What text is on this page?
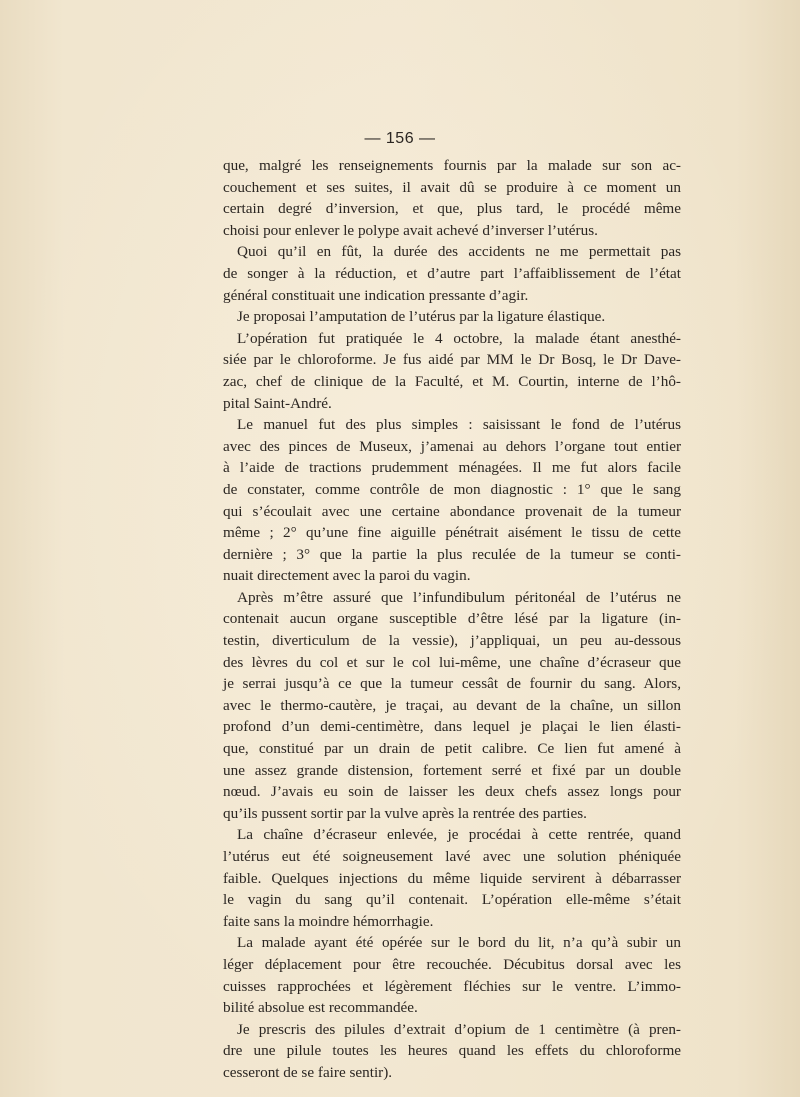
— 156 —
que, malgré les renseignements fournis par la malade sur son ac-
couchement et ses suites, il avait dû se produire à ce moment un
certain degré d’inversion, et que, plus tard, le procédé même
choisi pour enlever le polype avait achevé d’inverser l’utérus.
Quoi qu’il en fût, la durée des accidents ne me permettait pas
de songer à la réduction, et d’autre part l’affaiblissement de l’état
général constituait une indication pressante d’agir.
Je proposai l’amputation de l’utérus par la ligature élastique.
L’opération fut pratiquée le 4 octobre, la malade étant anesthé-
siée par le chloroforme. Je fus aidé par MM le Dr Bosq, le Dr Dave-
zac, chef de clinique de la Faculté, et M. Courtin, interne de l’hô-
pital Saint-André.
Le manuel fut des plus simples : saisissant le fond de l’utérus
avec des pinces de Museux, j’amenai au dehors l’organe tout entier
à l’aide de tractions prudemment ménagées. Il me fut alors facile
de constater, comme contrôle de mon diagnostic : 1° que le sang
qui s’écoulait avec une certaine abondance provenait de la tumeur
même ; 2° qu’une fine aiguille pénétrait aisément le tissu de cette
dernière ; 3° que la partie la plus reculée de la tumeur se conti-
nuait directement avec la paroi du vagin.
Après m’être assuré que l’infundibulum péritonéal de l’utérus ne
contenait aucun organe susceptible d’être lésé par la ligature (in-
testin, diverticulum de la vessie), j’appliquai, un peu au-dessous
des lèvres du col et sur le col lui-même, une chaîne d’écraseur que
je serrai jusqu’à ce que la tumeur cessât de fournir du sang. Alors,
avec le thermo-cautère, je traçai, au devant de la chaîne, un sillon
profond d’un demi-centimètre, dans lequel je plaçai le lien élasti-
que, constitué par un drain de petit calibre. Ce lien fut amené à
une assez grande distension, fortement serré et fixé par un double
nœud. J’avais eu soin de laisser les deux chefs assez longs pour
qu’ils pussent sortir par la vulve après la rentrée des parties.
La chaîne d’écraseur enlevée, je procédai à cette rentrée, quand
l’utérus eut été soigneusement lavé avec une solution phéniquée
faible. Quelques injections du même liquide servirent à débarrasser
le vagin du sang qu’il contenait. L’opération elle-même s’était
faite sans la moindre hémorrhagie.
La malade ayant été opérée sur le bord du lit, n’a qu’à subir un
léger déplacement pour être recouchée. Décubitus dorsal avec les
cuisses rapprochées et légèrement fléchies sur le ventre. L’immo-
bilité absolue est recommandée.
Je prescris des pilules d’extrait d’opium de 1 centimètre (à pren-
dre une pilule toutes les heures quand les effets du chloroforme
cesseront de se faire sentir).
